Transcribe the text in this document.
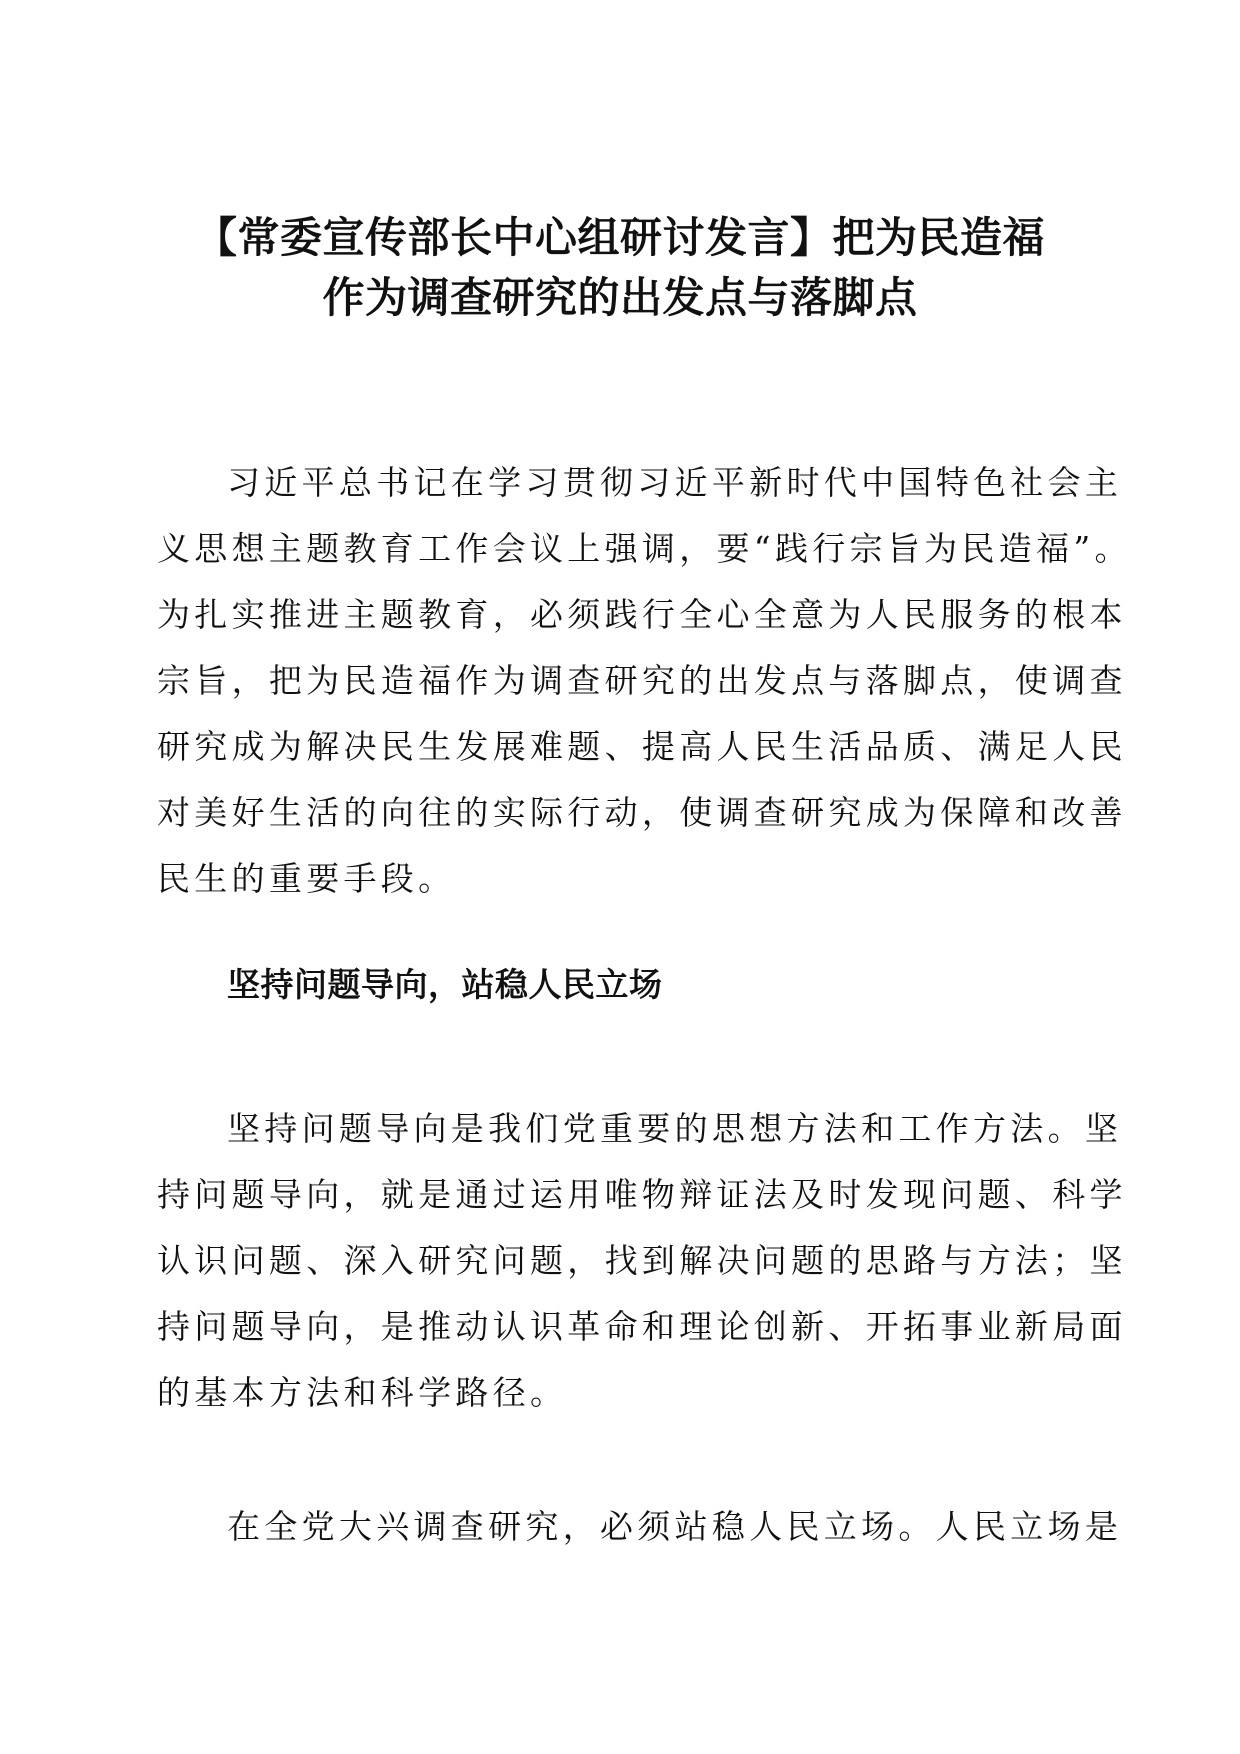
【常委宣传部长中心组研讨发言】把为民造福
作为调查研究的出发点与落脚点
习近平总书记在学习贯彻习近平新时代中国特色社会主
义思想主题教育工作会议上强调，要“践行宗旨为民造福”。
为扎实推进主题教育，必须践行全心全意为人民服务的根本
宗旨，把为民造福作为调查研究的出发点与落脚点，使调查
研究成为解决民生发展难题、提高人民生活品质、满足人民
对美好生活的向往的实际行动，使调查研究成为保障和改善
民生的重要手段。
坚持问题导向，站稳人民立场
坚持问题导向是我们党重要的思想方法和工作方法。坚
持问题导向，就是通过运用唯物辩证法及时发现问题、科学
认识问题、深入研究问题，找到解决问题的思路与方法；坚
持问题导向，是推动认识革命和理论创新、开拓事业新局面
的基本方法和科学路径。
在全党大兴调查研究，必须站稳人民立场。人民立场是
